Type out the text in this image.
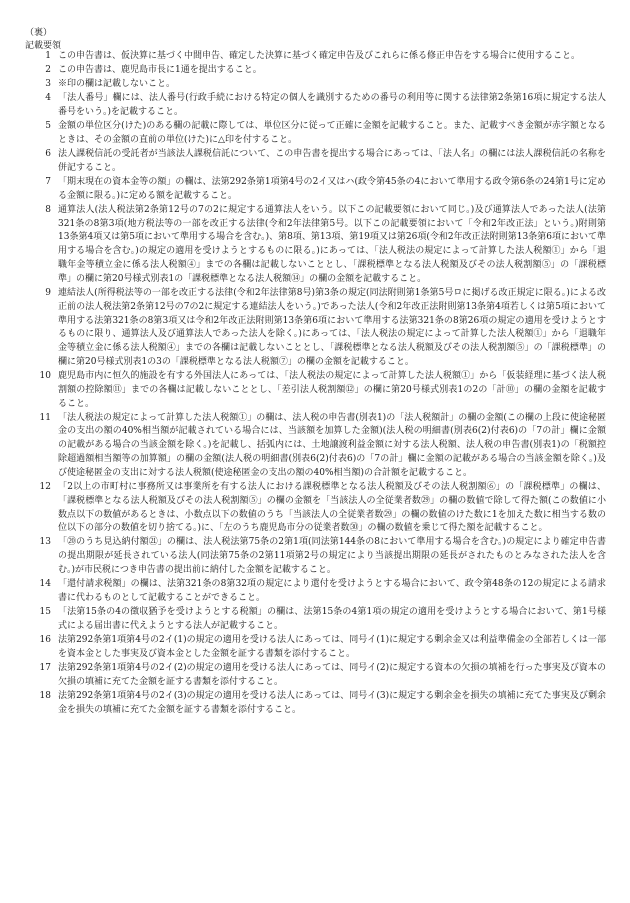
（裏）
記載要領
1 この申告書は、仮決算に基づく中間申告、確定した決算に基づく確定申告及びこれらに係る修正申告をする場合に使用すること。
2 この申告書は、鹿児島市長に1通を提出すること。
3 ※印の欄は記載しないこと。
4 「法人番号」欄には、法人番号(行政手続における特定の個人を識別するための番号の利用等に関する法律第2条第16項に規定する法人番号をいう。)を記載すること。
5 金額の単位区分(けた)のある欄の記載に際しては、単位区分に従って正確に金額を記載すること。また、記載すべき金額が赤字額となるときは、その金額の直前の単位(けた)に△印を付すること。
6 法人課税信託の受託者が当該法人課税信託について、この申告書を提出する場合にあっては、「法人名」の欄には法人課税信託の名称を併記すること。
7 「期末現在の資本金等の額」の欄は、法第292条第1項第4号の2イ又はハ(政令第45条の4において準用する政令第6条の24第1号に定める金額に限る。)に定める額を記載すること。
8 通算法人(法人税法第2条第12号の7の2に規定する通算法人をいう。以下この記載要領において同じ。)及び通算法人であった法人(法第321条の8第3項(地方税法等の一部を改正する法律(令和2年法律第5号。以下この記載要領において「令和2年改正法」という。)附則第13条第4項又は第5項において準用する場合を含む。)、第8項、第13項、第19項又は第26項(令和2年改正法附則第13条第6項において準用する場合を含む。)の規定の適用を受けようとするものに限る。)にあっては、「法人税法の規定によって計算した法人税額①」から「退職年金等積立金に係る法人税額④」までの各欄は記載しないこととし、「課税標準となる法人税額及びその法人税割額⑤」の「課税標準」の欄に第20号様式別表1の「課税標準となる法人税額⑭」の欄の金額を記載すること。
9 連結法人(所得税法等の一部を改正する法律(令和2年法律第8号)第3条の規定(同法附則第1条第5号ロに掲げる改正規定に限る。)による改正前の法人税法第2条第12号の7の2に規定する連結法人をいう。)であった法人(令和2年改正法附則第13条第4項若しくは第5項において準用する法第321条の8第3項又は令和2年改正法附則第13条第6項において準用する法第321条の8第26項の規定の適用を受けようとするものに限り、通算法人及び通算法人であった法人を除く。)にあっては、「法人税法の規定によって計算した法人税額①」から「退職年金等積立金に係る法人税額④」までの各欄は記載しないこととし、「課税標準となる法人税額及びその法人税割額⑤」の「課税標準」の欄に第20号様式別表1の3の「課税標準となる法人税額⑦」の欄の金額を記載すること。
10 鹿児島市内に恒久的施設を有する外国法人にあっては、「法人税法の規定によって計算した法人税額①」から「仮装経理に基づく法人税割額の控除額⑪」までの各欄は記載しないこととし、「差引法人税割額⑫」の欄に第20号様式別表1の2の「計⑩」の欄の金額を記載すること。
11 「法人税法の規定によって計算した法人税額①」の欄は、法人税の申告書(別表1)の「法人税額計」の欄の金額(この欄の上段に使途秘匿金の支出の額の40%相当額が記載されている場合には、当該額を加算した金額)(法人税の明細書(別表6(2)付表6)の「7の計」欄に金額の記載がある場合の当該金額を除く。)を記載し、括弧内には、土地譲渡利益金額に対する法人税額、法人税の申告書(別表1)の「税額控除超過額相当額等の加算額」の欄の金額(法人税の明細書(別表6(2)付表6)の「7の計」欄に金額の記載がある場合の当該金額を除く。)及び使途秘匿金の支出に対する法人税額(使途秘匿金の支出の額の40%相当額)の合計額を記載すること。
12 「2以上の市町村に事務所又は事業所を有する法人における課税標準となる法人税額及びその法人税割額⑥」の「課税標準」の欄は、「課税標準となる法人税額及びその法人税割額⑤」の欄の金額を「当該法人の全従業者数㉙」の欄の数値で除して得た額(この数値に小数点以下の数値があるときは、小数点以下の数値のうち「当該法人の全従業者数㉙」の欄の数値のけた数に1を加えた数に相当する数の位以下の部分の数値を切り捨てる。)に、「左のうち鹿児島市分の従業者数㉚」の欄の数値を乗じて得た額を記載すること。
13 「⑳のうち見込納付額㉑」の欄は、法人税法第75条の2第1項(同法第144条の8において準用する場合を含む。)の規定により確定申告書の提出期限が延長されている法人(同法第75条の2第11項第2号の規定により当該提出期限の延長がされたものとみなされた法人を含む。)が市民税につき申告書の提出前に納付した金額を記載すること。
14 「還付請求税額」の欄は、法第321条の8第32項の規定により還付を受けようとする場合において、政令第48条の12の規定による請求書に代わるものとして記載することができること。
15 「法第15条の4の徴収猶予を受けようとする税額」の欄は、法第15条の4第1項の規定の適用を受けようとする場合において、第1号様式による届出書に代えようとする法人が記載すること。
16 法第292条第1項第4号の2イ(1)の規定の適用を受ける法人にあっては、同号イ(1)に規定する剰余金又は利益準備金の全部若しくは一部を資本金とした事実及び資本金とした金額を証する書類を添付すること。
17 法第292条第1項第4号の2イ(2)の規定の適用を受ける法人にあっては、同号イ(2)に規定する資本の欠損の填補を行った事実及び資本の欠損の填補に充てた金額を証する書類を添付すること。
18 法第292条第1項第4号の2イ(3)の規定の適用を受ける法人にあっては、同号イ(3)に規定する剰余金を損失の填補に充てた事実及び剰余金を損失の填補に充てた金額を証する書類を添付すること。
